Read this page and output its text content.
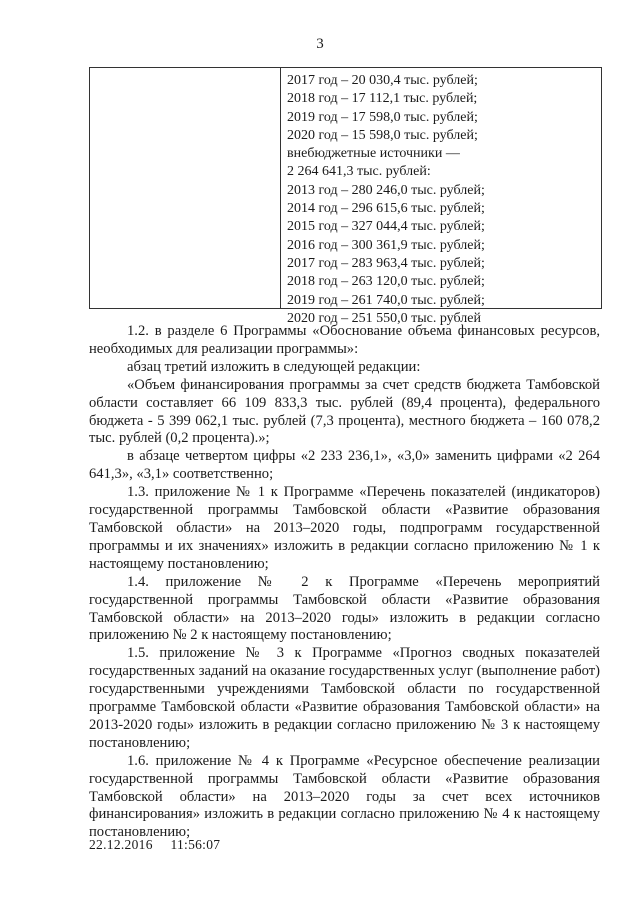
3
2017 год – 20 030,4 тыс. рублей;
2018 год – 17 112,1 тыс. рублей;
2019 год – 17 598,0 тыс. рублей;
2020 год – 15 598,0 тыс. рублей;
внебюджетные источники —
2 264 641,3 тыс. рублей:
2013 год – 280 246,0 тыс. рублей;
2014 год – 296 615,6 тыс. рублей;
2015 год – 327 044,4 тыс. рублей;
2016 год – 300 361,9 тыс. рублей;
2017 год – 283 963,4 тыс. рублей;
2018 год – 263 120,0 тыс. рублей;
2019 год – 261 740,0 тыс. рублей;
2020 год – 251 550,0 тыс. рублей

1.2. в разделе 6 Программы «Обоснование объема финансовых ресурсов, необходимых для реализации программы»:

абзац третий изложить в следующей редакции:

«Объем финансирования программы за счет средств бюджета Тамбовской области составляет 66 109 833,3 тыс. рублей (89,4 процента), федерального бюджета - 5 399 062,1 тыс. рублей (7,3 процента), местного бюджета – 160 078,2 тыс. рублей (0,2 процента).»;

в абзаце четвертом цифры «2 233 236,1», «3,0» заменить цифрами «2 264 641,3», «3,1» соответственно;

1.3. приложение № 1 к Программе «Перечень показателей (индикаторов) государственной программы Тамбовской области «Развитие образования Тамбовской области» на 2013–2020 годы, подпрограмм государственной программы и их значениях» изложить в редакции согласно приложению № 1 к настоящему постановлению;

1.4. приложение № 2 к Программе «Перечень мероприятий государственной программы Тамбовской области «Развитие образования Тамбовской области» на 2013–2020 годы» изложить в редакции согласно приложению № 2 к настоящему постановлению;

1.5. приложение № 3 к Программе «Прогноз сводных показателей государственных заданий на оказание государственных услуг (выполнение работ) государственными учреждениями Тамбовской области по государственной программе Тамбовской области «Развитие образования Тамбовской области» на 2013-2020 годы» изложить в редакции согласно приложению № 3 к настоящему постановлению;

1.6. приложение № 4 к Программе «Ресурсное обеспечение реализации государственной программы Тамбовской области «Развитие образования Тамбовской области» на 2013–2020 годы за счет всех источников финансирования» изложить в редакции согласно приложению № 4 к настоящему постановлению;

22.12.2016 11:56:07
